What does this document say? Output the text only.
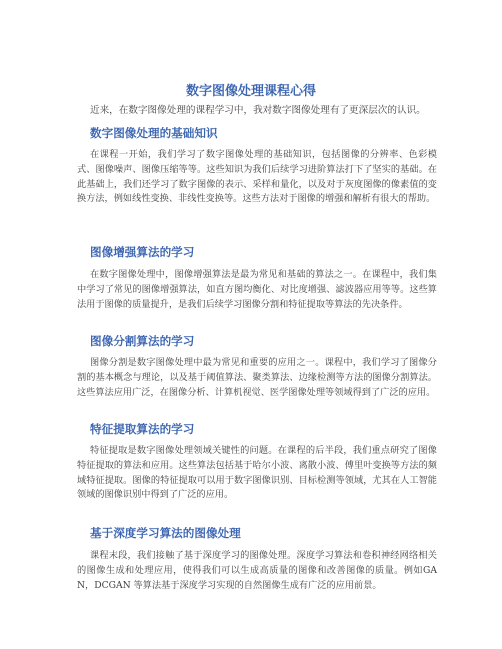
数字图像处理课程心得

近来，在数字图像处理的课程学习中，我对数字图像处理有了更深层次的认识。

数字图像处理的基础知识

在课程一开始，我们学习了数字图像处理的基础知识，包括图像的分辨率、色彩模式、图像噪声、图像压缩等等。这些知识为我们后续学习进阶算法打下了坚实的基础。在此基础上，我们还学习了数字图像的表示、采样和量化，以及对于灰度图像的像素值的变换方法，例如线性变换、非线性变换等。这些方法对于图像的增强和解析有很大的帮助。

图像增强算法的学习

在数字图像处理中，图像增强算法是最为常见和基础的算法之一。在课程中，我们集中学习了常见的图像增强算法，如直方图均衡化、对比度增强、滤波器应用等等。这些算法用于图像的质量提升，是我们后续学习图像分割和特征提取等算法的先决条件。

图像分割算法的学习

图像分割是数字图像处理中最为常见和重要的应用之一。课程中，我们学习了图像分割的基本概念与理论，以及基于阈值算法、聚类算法、边缘检测等方法的图像分割算法。这些算法应用广泛，在图像分析、计算机视觉、医学图像处理等领域得到了广泛的应用。

特征提取算法的学习

特征提取是数字图像处理领域关键性的问题。在课程的后半段，我们重点研究了图像特征提取的算法和应用。这些算法包括基于哈尔小波、离散小波、傅里叶变换等方法的频域特征提取。图像的特征提取可以用于数字图像识别、目标检测等领域，尤其在人工智能领域的图像识别中得到了广泛的应用。

基于深度学习算法的图像处理

课程末段，我们接触了基于深度学习的图像处理。深度学习算法和卷积神经网络相关的图像生成和处理应用，使得我们可以生成高质量的图像和改善图像的质量。例如GAN，DCGAN 等算法基于深度学习实现的自然图像生成有广泛的应用前景。
